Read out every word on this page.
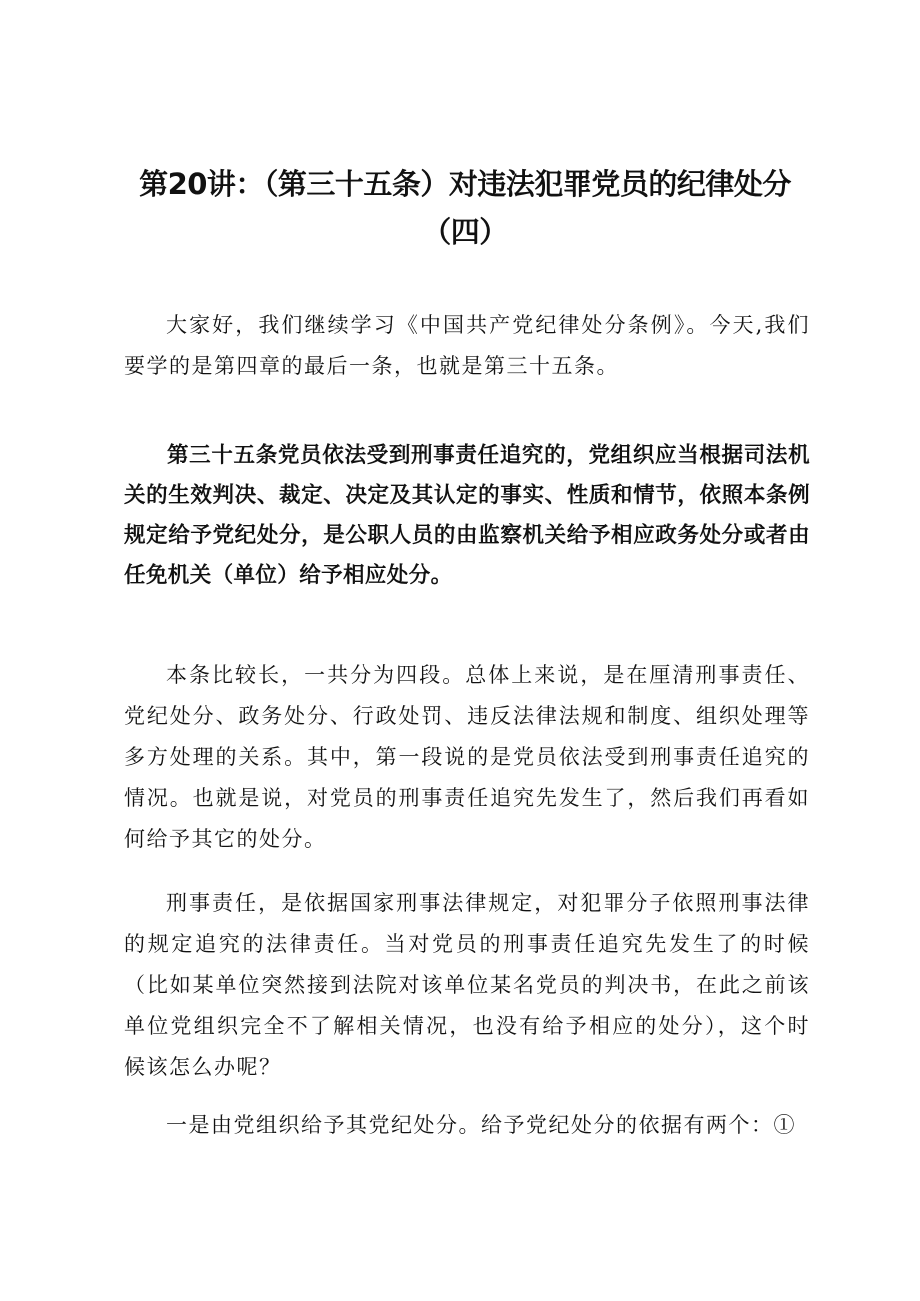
第20讲：（第三十五条）对违法犯罪党员的纪律处分（四）

大家好，我们继续学习《中国共产党纪律处分条例》。今天,我们要学的是第四章的最后一条，也就是第三十五条。

第三十五条党员依法受到刑事责任追究的，党组织应当根据司法机关的生效判决、裁定、决定及其认定的事实、性质和情节，依照本条例规定给予党纪处分，是公职人员的由监察机关给予相应政务处分或者由任免机关（单位）给予相应处分。

本条比较长，一共分为四段。总体上来说，是在厘清刑事责任、党纪处分、政务处分、行政处罚、违反法律法规和制度、组织处理等多方处理的关系。其中，第一段说的是党员依法受到刑事责任追究的情况。也就是说，对党员的刑事责任追究先发生了，然后我们再看如何给予其它的处分。

刑事责任，是依据国家刑事法律规定，对犯罪分子依照刑事法律的规定追究的法律责任。当对党员的刑事责任追究先发生了的时候（比如某单位突然接到法院对该单位某名党员的判决书，在此之前该单位党组织完全不了解相关情况，也没有给予相应的处分），这个时候该怎么办呢？

一是由党组织给予其党纪处分。给予党纪处分的依据有两个：①
